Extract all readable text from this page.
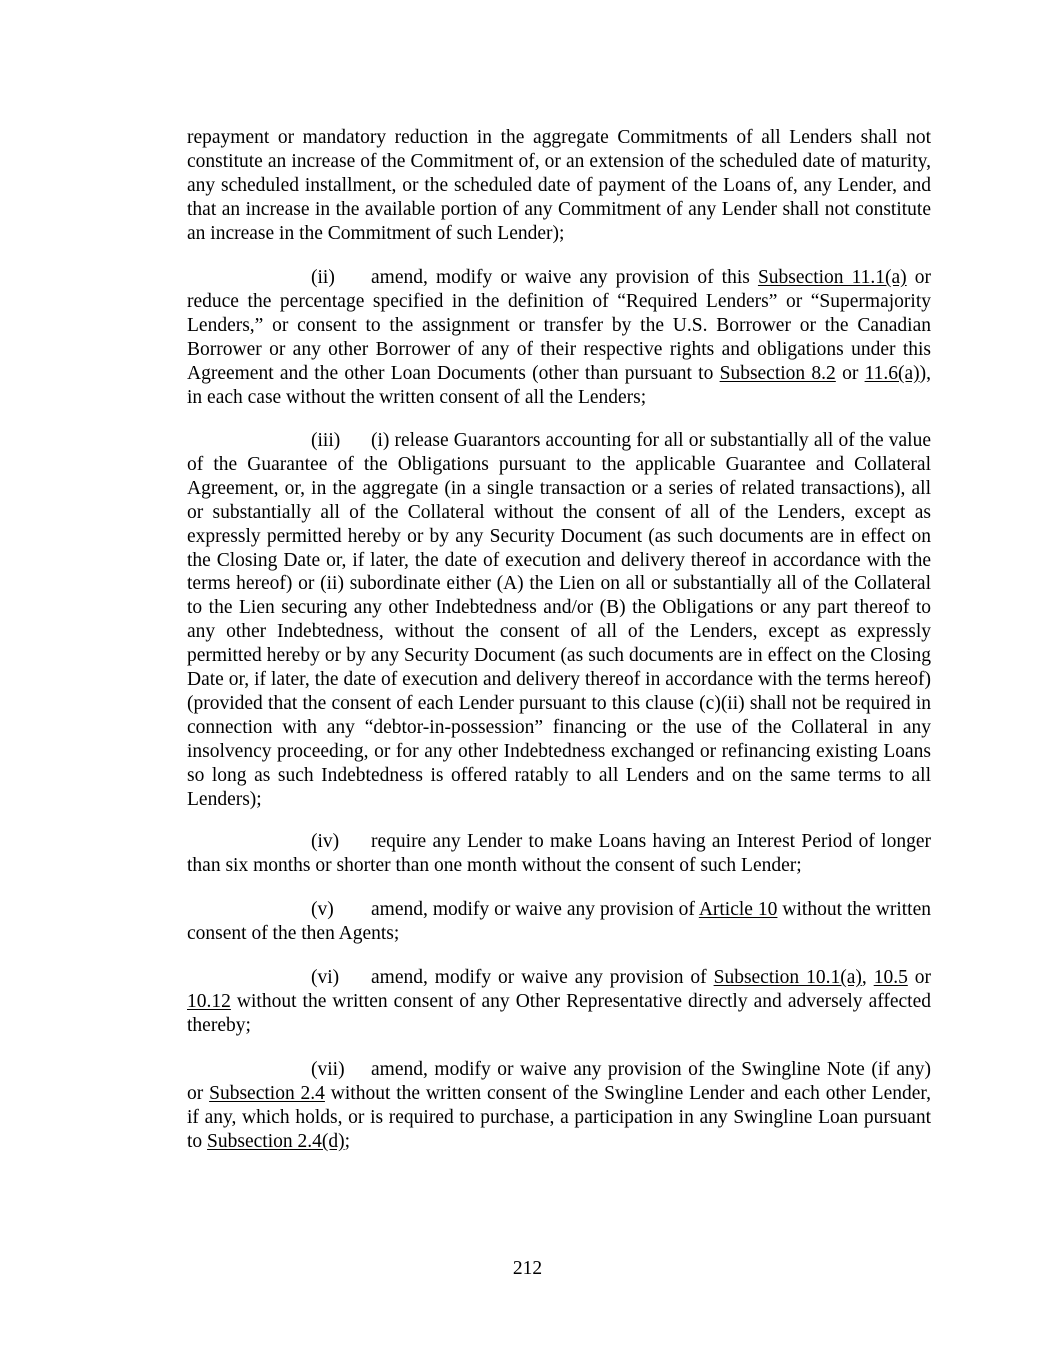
repayment or mandatory reduction in the aggregate Commitments of all Lenders shall not constitute an increase of the Commitment of, or an extension of the scheduled date of maturity, any scheduled installment, or the scheduled date of payment of the Loans of, any Lender, and that an increase in the available portion of any Commitment of any Lender shall not constitute an increase in the Commitment of such Lender);

(ii) amend, modify or waive any provision of this Subsection 11.1(a) or reduce the percentage specified in the definition of “Required Lenders” or “Supermajority Lenders,” or consent to the assignment or transfer by the U.S. Borrower or the Canadian Borrower or any other Borrower of any of their respective rights and obligations under this Agreement and the other Loan Documents (other than pursuant to Subsection 8.2 or 11.6(a)), in each case without the written consent of all the Lenders;

(iii) (i) release Guarantors accounting for all or substantially all of the value of the Guarantee of the Obligations pursuant to the applicable Guarantee and Collateral Agreement, or, in the aggregate (in a single transaction or a series of related transactions), all or substantially all of the Collateral without the consent of all of the Lenders, except as expressly permitted hereby or by any Security Document (as such documents are in effect on the Closing Date or, if later, the date of execution and delivery thereof in accordance with the terms hereof) or (ii) subordinate either (A) the Lien on all or substantially all of the Collateral to the Lien securing any other Indebtedness and/or (B) the Obligations or any part thereof to any other Indebtedness, without the consent of all of the Lenders, except as expressly permitted hereby or by any Security Document (as such documents are in effect on the Closing Date or, if later, the date of execution and delivery thereof in accordance with the terms hereof) (provided that the consent of each Lender pursuant to this clause (c)(ii) shall not be required in connection with any “debtor-in-possession” financing or the use of the Collateral in any insolvency proceeding, or for any other Indebtedness exchanged or refinancing existing Loans so long as such Indebtedness is offered ratably to all Lenders and on the same terms to all Lenders);

(iv) require any Lender to make Loans having an Interest Period of longer than six months or shorter than one month without the consent of such Lender;

(v) amend, modify or waive any provision of Article 10 without the written consent of the then Agents;

(vi) amend, modify or waive any provision of Subsection 10.1(a), 10.5 or 10.12 without the written consent of any Other Representative directly and adversely affected thereby;

(vii) amend, modify or waive any provision of the Swingline Note (if any) or Subsection 2.4 without the written consent of the Swingline Lender and each other Lender, if any, which holds, or is required to purchase, a participation in any Swingline Loan pursuant to Subsection 2.4(d);

212
